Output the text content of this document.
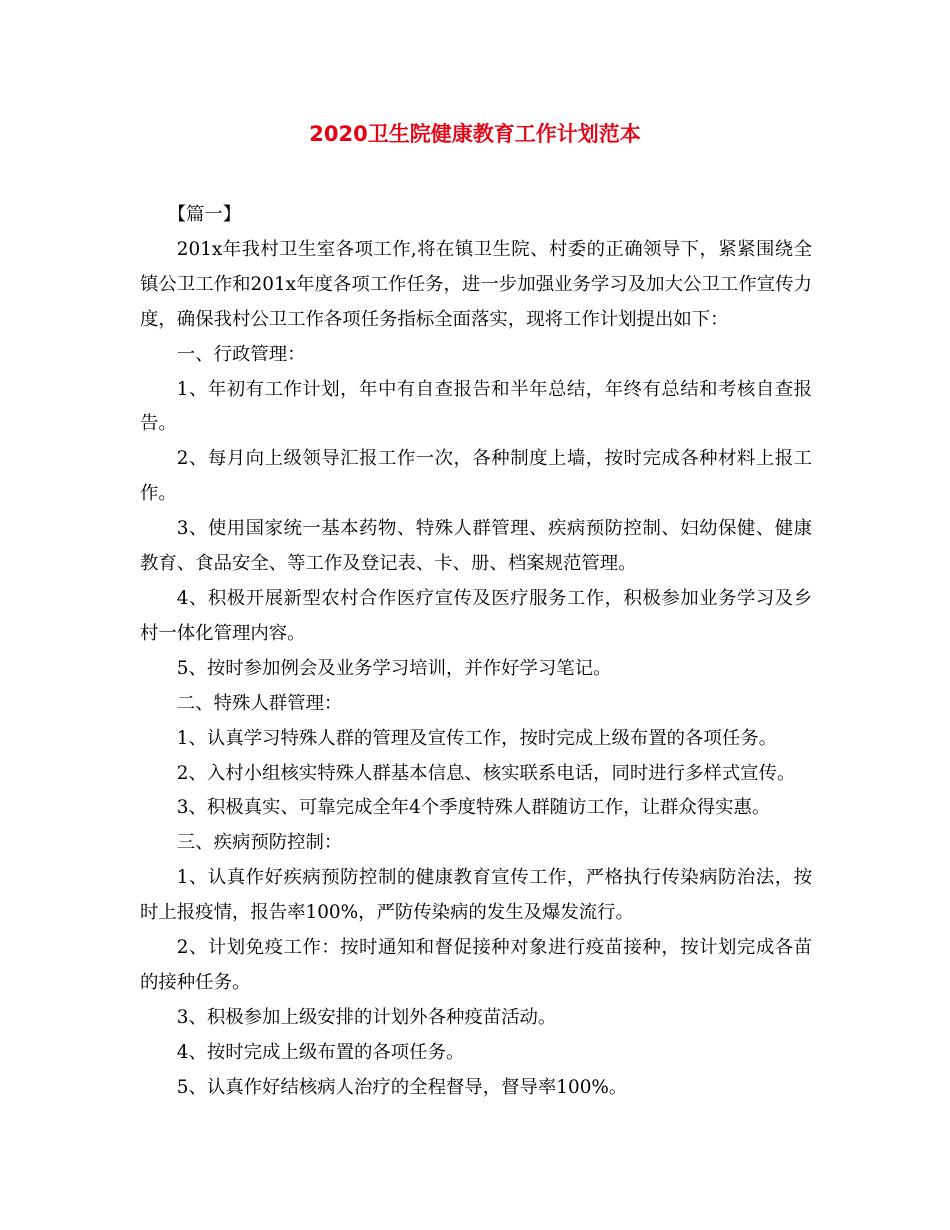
2020卫生院健康教育工作计划范本

【篇一】

201x年我村卫生室各项工作,将在镇卫生院、村委的正确领导下，紧紧围绕全镇公卫工作和201x年度各项工作任务，进一步加强业务学习及加大公卫工作宣传力度，确保我村公卫工作各项任务指标全面落实，现将工作计划提出如下：

一、行政管理：

1、年初有工作计划，年中有自查报告和半年总结，年终有总结和考核自查报告。

2、每月向上级领导汇报工作一次，各种制度上墙，按时完成各种材料上报工作。

3、使用国家统一基本药物、特殊人群管理、疾病预防控制、妇幼保健、健康教育、食品安全、等工作及登记表、卡、册、档案规范管理。

4、积极开展新型农村合作医疗宣传及医疗服务工作，积极参加业务学习及乡村一体化管理内容。

5、按时参加例会及业务学习培训，并作好学习笔记。

二、特殊人群管理：

1、认真学习特殊人群的管理及宣传工作，按时完成上级布置的各项任务。

2、入村小组核实特殊人群基本信息、核实联系电话，同时进行多样式宣传。

3、积极真实、可靠完成全年4个季度特殊人群随访工作，让群众得实惠。

三、疾病预防控制：

1、认真作好疾病预防控制的健康教育宣传工作，严格执行传染病防治法，按时上报疫情，报告率100%，严防传染病的发生及爆发流行。

2、计划免疫工作：按时通知和督促接种对象进行疫苗接种，按计划完成各苗的接种任务。

3、积极参加上级安排的计划外各种疫苗活动。

4、按时完成上级布置的各项任务。

5、认真作好结核病人治疗的全程督导，督导率100%。
